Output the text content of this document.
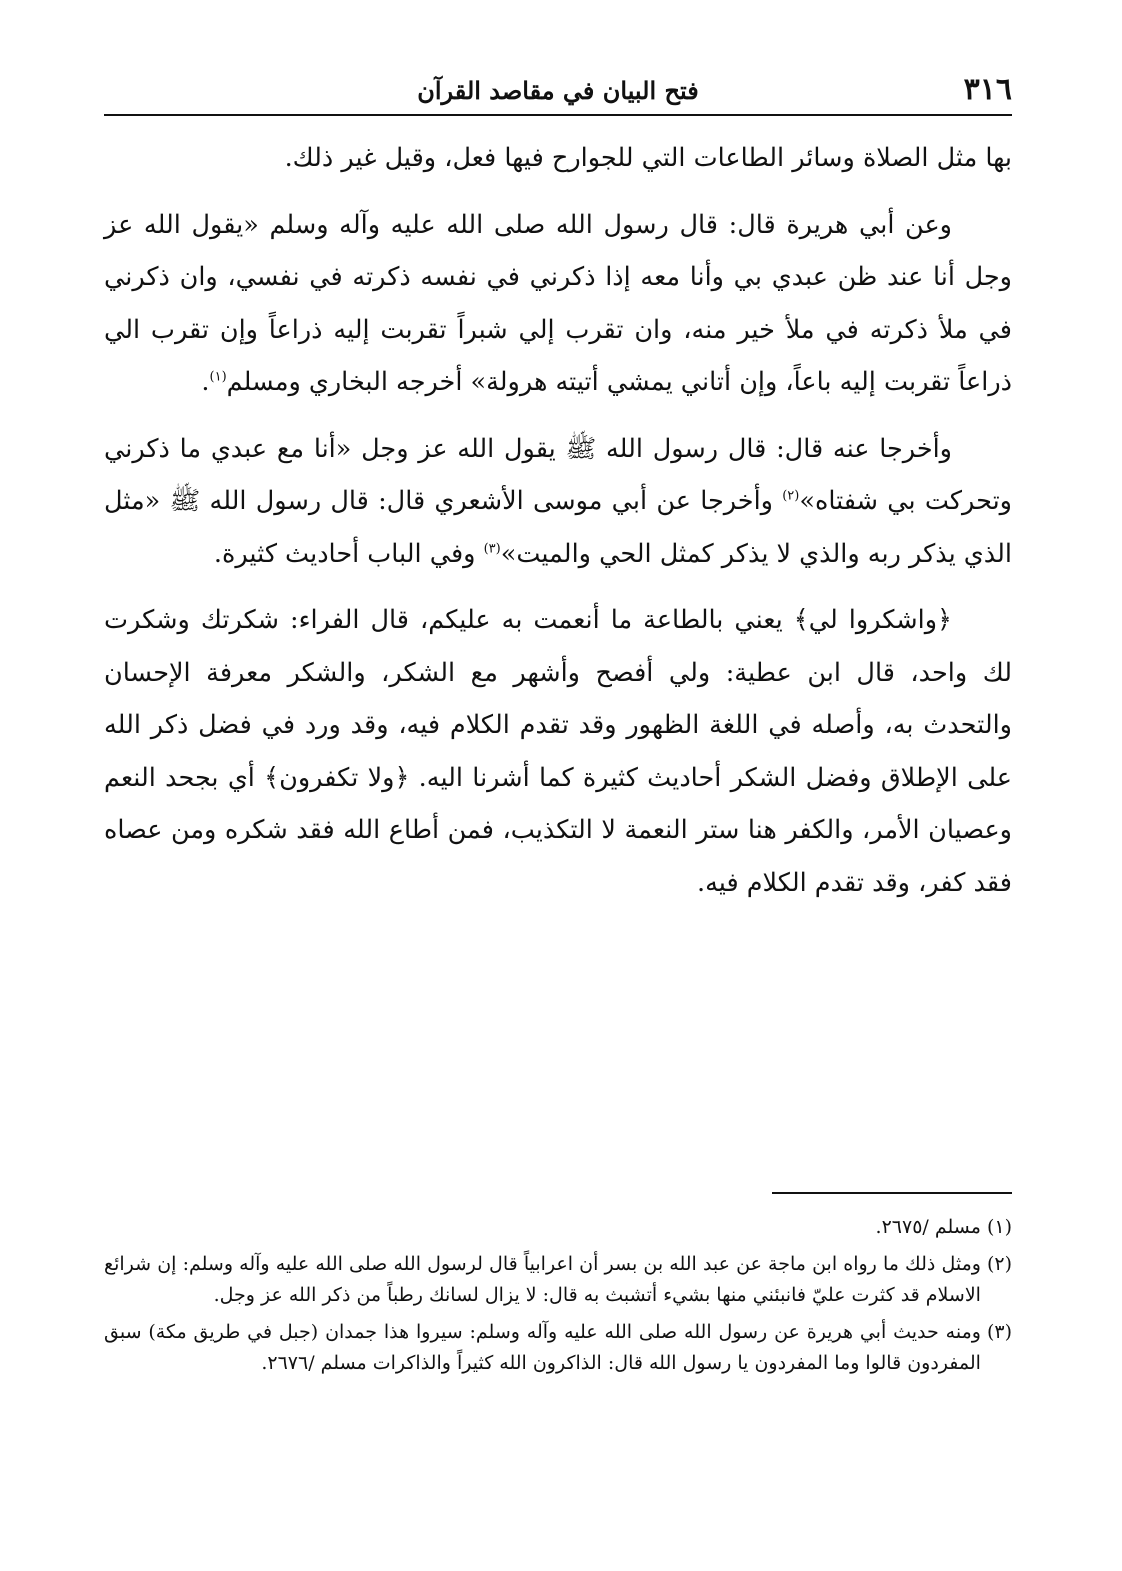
٣١٦
فتح البيان في مقاصد القرآن

بها مثل الصلاة وسائر الطاعات التي للجوارح فيها فعل، وقيل غير ذلك.

وعن أبي هريرة قال: قال رسول الله صلى الله عليه وآله وسلم «يقول الله عز وجل أنا عند ظن عبدي بي وأنا معه إذا ذكرني في نفسه ذكرته في نفسي، وان ذكرني في ملأ ذكرته في ملأ خير منه، وان تقرب إلي شبراً تقربت إليه ذراعاً وإن تقرب الي ذراعاً تقربت إليه باعاً، وإن أتاني يمشي أتيته هرولة» أخرجه البخاري ومسلم$^{(١)}$.

وأخرجا عنه قال: قال رسول الله ﷺ يقول الله عز وجل «أنا مع عبدي ما ذكرني وتحركت بي شفتاه»$^{(٢)}$ وأخرجا عن أبي موسى الأشعري قال: قال رسول الله ﷺ «مثل الذي يذكر ربه والذي لا يذكر كمثل الحي والميت»$^{(٣)}$ وفي الباب أحاديث كثيرة.

﴿واشكروا لي﴾ يعني بالطاعة ما أنعمت به عليكم، قال الفراء: شكرتك وشكرت لك واحد، قال ابن عطية: ولي أفصح وأشهر مع الشكر، والشكر معرفة الإحسان والتحدث به، وأصله في اللغة الظهور وقد تقدم الكلام فيه، وقد ورد في فضل ذكر الله على الإطلاق وفضل الشكر أحاديث كثيرة كما أشرنا اليه. ﴿ولا تكفرون﴾ أي بجحد النعم وعصيان الأمر، والكفر هنا ستر النعمة لا التكذيب، فمن أطاع الله فقد شكره ومن عصاه فقد كفر، وقد تقدم الكلام فيه.

(١)
مسلم /٢٦٧٥.
(٢)
ومثل ذلك ما رواه ابن ماجة عن عبد الله بن بسر أن اعرابياً قال لرسول الله صلى الله عليه وآله وسلم: إن شرائع الاسلام قد كثرت عليّ فانبئني منها بشيء أتشبث به قال: لا يزال لسانك رطباً من ذكر الله عز وجل.
(٣)
ومنه حديث أبي هريرة عن رسول الله صلى الله عليه وآله وسلم: سيروا هذا جمدان (جبل في طريق مكة) سبق المفردون قالوا وما المفردون يا رسول الله قال: الذاكرون الله كثيراً والذاكرات مسلم /٢٦٧٦.
